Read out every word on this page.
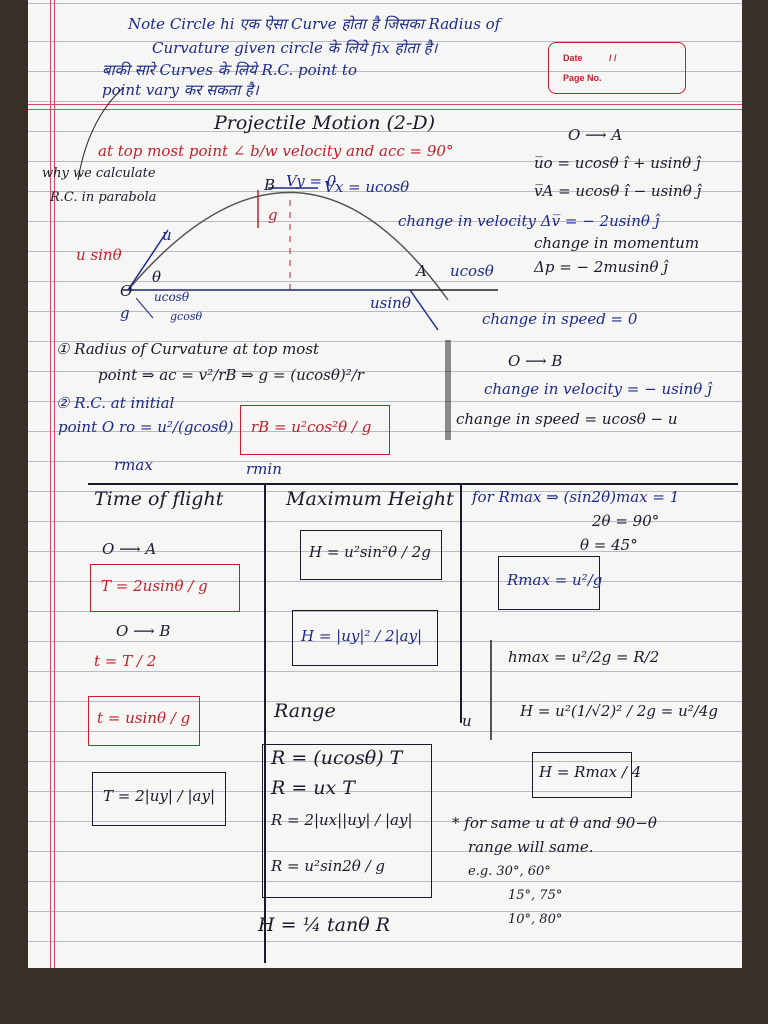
Note Circle hi एक ऐसा Curve होता है जिसका Radius of
Curvature given circle के लिये fix होता है।
बाकी सारे Curves के लिये R.C. point to
point vary कर सकता है।
Date	/ /
Page No.
Projectile Motion (2-D)
at top most point ∠ b/w velocity and acc = 90°
why we calculate
R.C. in parabola
B Vy = 0
Vx = ucosθ
g
u sinθ
u
θ
O ucosθ
gcosθ
g
A ucosθ
usinθ
O ⟶ A
u̅o = ucosθ î + usinθ ĵ
v̅A = ucosθ î − usinθ ĵ
change in velocity Δv̅ = − 2usinθ ĵ
change in momentum
Δp = − 2musinθ ĵ
change in speed = 0
① Radius of Curvature at top most
point ⇒ ac = v²/rB ⇒ g = (ucosθ)²/r
② R.C. at initial
point O ro = u²/(gcosθ)
rmax
rB = u²cos²θ / g
rmin
O ⟶ B
change in velocity = − usinθ ĵ
change in speed = ucosθ − u
Time of flight
O ⟶ A
T = 2usinθ / g
O ⟶ B
t = T / 2
t = usinθ / g
T = 2|uy| / |ay|
Maximum Height
H = u²sin²θ / 2g
H = |uy|² / 2|ay|
Range
R = (ucosθ) T
R = ux T
R = 2|ux||uy| / |ay|
R = u²sin2θ / g
H = ¼ tanθ R
for Rmax ⇒ (sin2θ)max = 1
2θ = 90°
θ = 45°
Rmax = u²/g
hmax = u²/2g = R/2
u
H = u²(1/√2)² / 2g = u²/4g
H = Rmax / 4
* for same u at θ and 90−θ
range will same.
e.g. 30°, 60°
15°, 75°
10°, 80°
